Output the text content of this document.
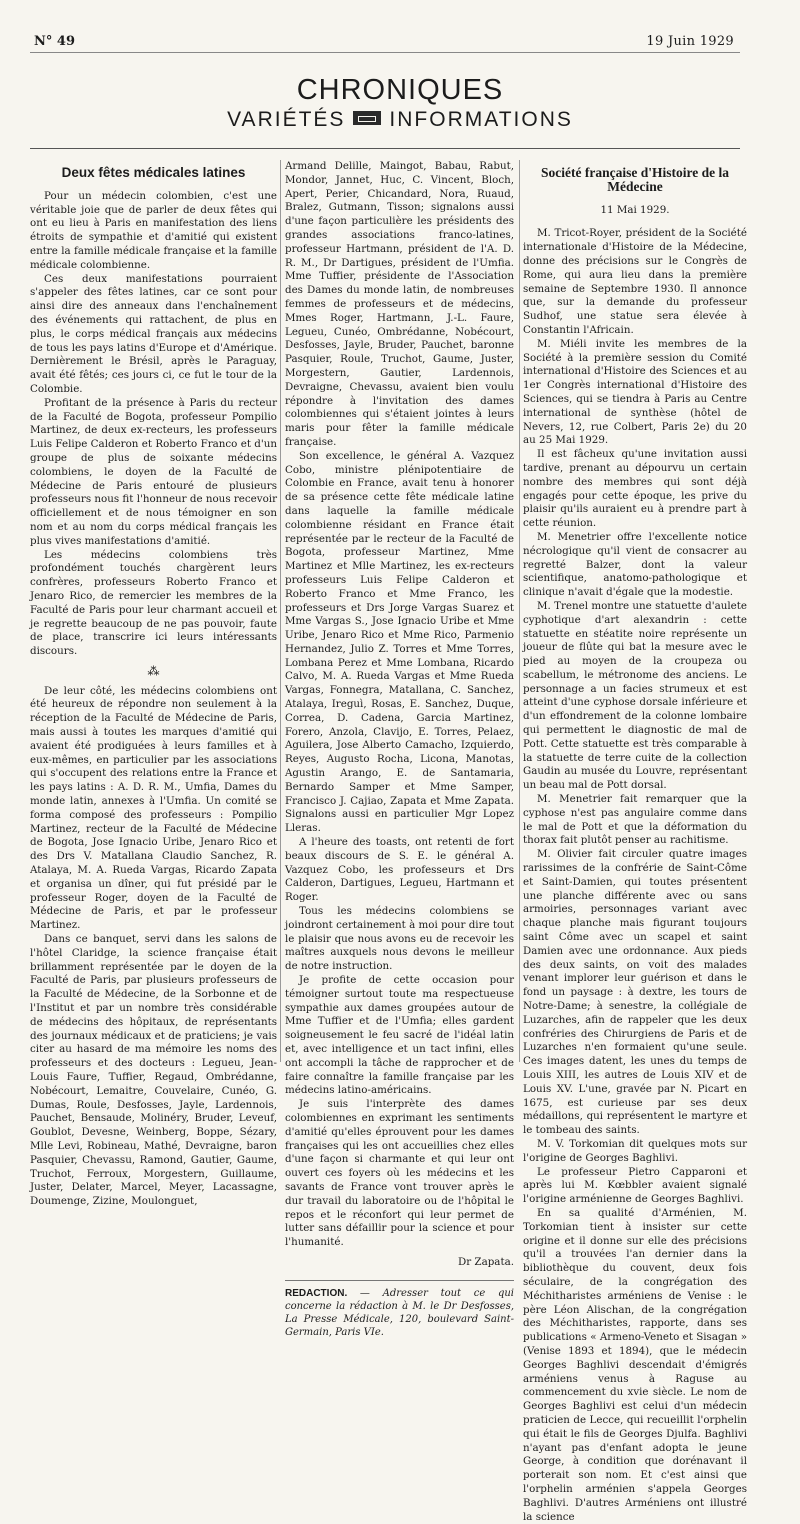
N° 49	19 Juin 1929
CHRONIQUES
VARIÉTÉS INFORMATIONS
Deux fêtes médicales latines

Pour un médecin colombien, c'est une véritable joie que de parler de deux fêtes qui ont eu lieu à Paris en manifestation des liens étroits de sympathie et d'amitié qui existent entre la famille médicale française et la famille médicale colombienne.

Ces deux manifestations pourraient s'appeler des fêtes latines, car ce sont pour ainsi dire des anneaux dans l'enchaînement des événements qui rattachent, de plus en plus, le corps médical français aux médecins de tous les pays latins d'Europe et d'Amérique. Dernièrement le Brésil, après le Paraguay, avait été fêtés; ces jours ci, ce fut le tour de la Colombie.

Profitant de la présence à Paris du recteur de la Faculté de Bogota, professeur Pompilio Martinez, de deux ex-recteurs, les professeurs Luis Felipe Calderon et Roberto Franco et d'un groupe de plus de soixante médecins colombiens, le doyen de la Faculté de Médecine de Paris entouré de plusieurs professeurs nous fit l'honneur de nous recevoir officiellement et de nous témoigner en son nom et au nom du corps médical français les plus vives manifestations d'amitié.

Les médecins colombiens très profondément touchés chargèrent leurs confrères, professeurs Roberto Franco et Jenaro Rico, de remercier les membres de la Faculté de Paris pour leur charmant accueil et je regrette beaucoup de ne pas pouvoir, faute de place, transcrire ici leurs intéressants discours.

⁂

De leur côté, les médecins colombiens ont été heureux de répondre non seulement à la réception de la Faculté de Médecine de Paris, mais aussi à toutes les marques d'amitié qui avaient été prodiguées à leurs familles et à eux-mêmes, en particulier par les associations qui s'occupent des relations entre la France et les pays latins : A. D. R. M., Umfia, Dames du monde latin, annexes à l'Umfia. Un comité se forma composé des professeurs : Pompilio Martinez, recteur de la Faculté de Médecine de Bogota, Jose Ignacio Uribe, Jenaro Rico et des Drs V. Matallana Claudio Sanchez, R. Atalaya, M. A. Rueda Vargas, Ricardo Zapata et organisa un dîner, qui fut présidé par le professeur Roger, doyen de la Faculté de Médecine de Paris, et par le professeur Martinez.

Dans ce banquet, servi dans les salons de l'hôtel Claridge, la science française était brillamment représentée par le doyen de la Faculté de Paris, par plusieurs professeurs de la Faculté de Médecine, de la Sorbonne et de l'Institut et par un nombre très considérable de médecins des hôpitaux, de représentants des journaux médicaux et de praticiens; je vais citer au hasard de ma mémoire les noms des professeurs et des docteurs : Legueu, Jean-Louis Faure, Tuffier, Regaud, Ombrédanne, Nobécourt, Lemaitre, Couvelaire, Cunéo, G. Dumas, Roule, Desfosses, Jayle, Lardennois, Pauchet, Bensaude, Molinéry, Bruder, Leveuf, Goublot, Devesne, Weinberg, Boppe, Sézary, Mlle Levi, Robineau, Mathé, Devraigne, baron Pasquier, Chevassu, Ramond, Gautier, Gaume, Truchot, Ferroux, Morgestern, Guillaume, Juster, Delater, Marcel, Meyer, Lacassagne, Doumenge, Zizine, Moulonguet,

Armand Delille, Maingot, Babau, Rabut, Mondor, Jannet, Huc, C. Vincent, Bloch, Apert, Perier, Chicandard, Nora, Ruaud, Bralez, Gutmann, Tisson; signalons aussi d'une façon particulière les présidents des grandes associations franco-latines, professeur Hartmann, président de l'A. D. R. M., Dr Dartigues, président de l'Umfia. Mme Tuffier, présidente de l'Association des Dames du monde latin, de nombreuses femmes de professeurs et de médecins, Mmes Roger, Hartmann, J.-L. Faure, Legueu, Cunéo, Ombrédanne, Nobécourt, Desfosses, Jayle, Bruder, Pauchet, baronne Pasquier, Roule, Truchot, Gaume, Juster, Morgestern, Gautier, Lardennois, Devraigne, Chevassu, avaient bien voulu répondre à l'invitation des dames colombiennes qui s'étaient jointes à leurs maris pour fêter la famille médicale française.

Son excellence, le général A. Vazquez Cobo, ministre plénipotentiaire de Colombie en France, avait tenu à honorer de sa présence cette fête médicale latine dans laquelle la famille médicale colombienne résidant en France était représentée par le recteur de la Faculté de Bogota, professeur Martinez, Mme Martinez et Mlle Martinez, les ex-recteurs professeurs Luis Felipe Calderon et Roberto Franco et Mme Franco, les professeurs et Drs Jorge Vargas Suarez et Mme Vargas S., Jose Ignacio Uribe et Mme Uribe, Jenaro Rico et Mme Rico, Parmenio Hernandez, Julio Z. Torres et Mme Torres, Lombana Perez et Mme Lombana, Ricardo Calvo, M. A. Rueda Vargas et Mme Rueda Vargas, Fonnegra, Matallana, C. Sanchez, Atalaya, Ireguì, Rosas, E. Sanchez, Duque, Correa, D. Cadena, Garcia Martinez, Forero, Anzola, Clavijo, E. Torres, Pelaez, Aguilera, Jose Alberto Camacho, Izquierdo, Reyes, Augusto Rocha, Licona, Manotas, Agustin Arango, E. de Santamaria, Bernardo Samper et Mme Samper, Francisco J. Cajiao, Zapata et Mme Zapata. Signalons aussi en particulier Mgr Lopez Lleras.

A l'heure des toasts, ont retenti de fort beaux discours de S. E. le général A. Vazquez Cobo, les professeurs et Drs Calderon, Dartigues, Legueu, Hartmann et Roger.

Tous les médecins colombiens se joindront certainement à moi pour dire tout le plaisir que nous avons eu de recevoir les maîtres auxquels nous devons le meilleur de notre instruction.

Je profite de cette occasion pour témoigner surtout toute ma respectueuse sympathie aux dames groupées autour de Mme Tuffier et de l'Umfia; elles gardent soigneusement le feu sacré de l'idéal latin et, avec intelligence et un tact infini, elles ont accompli la tâche de rapprocher et de faire connaître la famille française par les médecins latino-américains.

Je suis l'interprète des dames colombiennes en exprimant les sentiments d'amitié qu'elles éprouvent pour les dames françaises qui les ont accueillies chez elles d'une façon si charmante et qui leur ont ouvert ces foyers où les médecins et les savants de France vont trouver après le dur travail du laboratoire ou de l'hôpital le repos et le réconfort qui leur permet de lutter sans défaillir pour la science et pour l'humanité.

Dr Zapata.
REDACTION. — Adresser tout ce qui concerne la rédaction à M. le Dr Desfosses, La Presse Médicale, 120, boulevard Saint-Germain, Paris VIe.
Société française d'Histoire de la Médecine
11 Mai 1929.

M. Tricot-Royer, président de la Société internationale d'Histoire de la Médecine, donne des précisions sur le Congrès de Rome, qui aura lieu dans la première semaine de Septembre 1930. Il annonce que, sur la demande du professeur Sudhof, une statue sera élevée à Constantin l'Africain.

M. Miéli invite les membres de la Société à la première session du Comité international d'Histoire des Sciences et au 1er Congrès international d'Histoire des Sciences, qui se tiendra à Paris au Centre international de synthèse (hôtel de Nevers, 12, rue Colbert, Paris 2e) du 20 au 25 Mai 1929.

Il est fâcheux qu'une invitation aussi tardive, prenant au dépourvu un certain nombre des membres qui sont déjà engagés pour cette époque, les prive du plaisir qu'ils auraient eu à prendre part à cette réunion.

M. Menetrier offre l'excellente notice nécrologique qu'il vient de consacrer au regretté Balzer, dont la valeur scientifique, anatomo-pathologique et clinique n'avait d'égale que la modestie.

M. Trenel montre une statuette d'aulete cyphotique d'art alexandrin : cette statuette en stéatite noire représente un joueur de flûte qui bat la mesure avec le pied au moyen de la croupeza ou scabellum, le métronome des anciens. Le personnage a un facies strumeux et est atteint d'une cyphose dorsale inférieure et d'un effondrement de la colonne lombaire qui permettent le diagnostic de mal de Pott. Cette statuette est très comparable à la statuette de terre cuite de la collection Gaudin au musée du Louvre, représentant un beau mal de Pott dorsal.

M. Menetrier fait remarquer que la cyphose n'est pas angulaire comme dans le mal de Pott et que la déformation du thorax fait plutôt penser au rachitisme.

M. Olivier fait circuler quatre images rarissimes de la confrérie de Saint-Côme et Saint-Damien, qui toutes présentent une planche différente avec ou sans armoiries, personnages variant avec chaque planche mais figurant toujours saint Côme avec un scapel et saint Damien avec une ordonnance. Aux pieds des deux saints, on voit des malades venant implorer leur guérison et dans le fond un paysage : à dextre, les tours de Notre-Dame; à senestre, la collégiale de Luzarches, afin de rappeler que les deux confréries des Chirurgiens de Paris et de Luzarches n'en formaient qu'une seule. Ces images datent, les unes du temps de Louis XIII, les autres de Louis XIV et de Louis XV. L'une, gravée par N. Picart en 1675, est curieuse par ses deux médaillons, qui représentent le martyre et le tombeau des saints.

M. V. Torkomian dit quelques mots sur l'origine de Georges Baghlivi.

Le professeur Pietro Capparoni et après lui M. Kœbbler avaient signalé l'origine arménienne de Georges Baghlivi.

En sa qualité d'Arménien, M. Torkomian tient à insister sur cette origine et il donne sur elle des précisions qu'il a trouvées l'an dernier dans la bibliothèque du couvent, deux fois séculaire, de la congrégation des Méchitharistes arméniens de Venise : le père Léon Alischan, de la congrégation des Méchitharistes, rapporte, dans ses publications « Armeno-Veneto et Sisagan » (Venise 1893 et 1894), que le médecin Georges Baghlivi descendait d'émigrés arméniens venus à Raguse au commencement du xvie siècle. Le nom de Georges Baghlivi est celui d'un médecin praticien de Lecce, qui recueillit l'orphelin qui était le fils de Georges Djulfa. Baghlivi n'ayant pas d'enfant adopta le jeune George, à condition que dorénavant il porterait son nom. Et c'est ainsi que l'orphelin arménien s'appela Georges Baghlivi. D'autres Arméniens ont illustré la science
